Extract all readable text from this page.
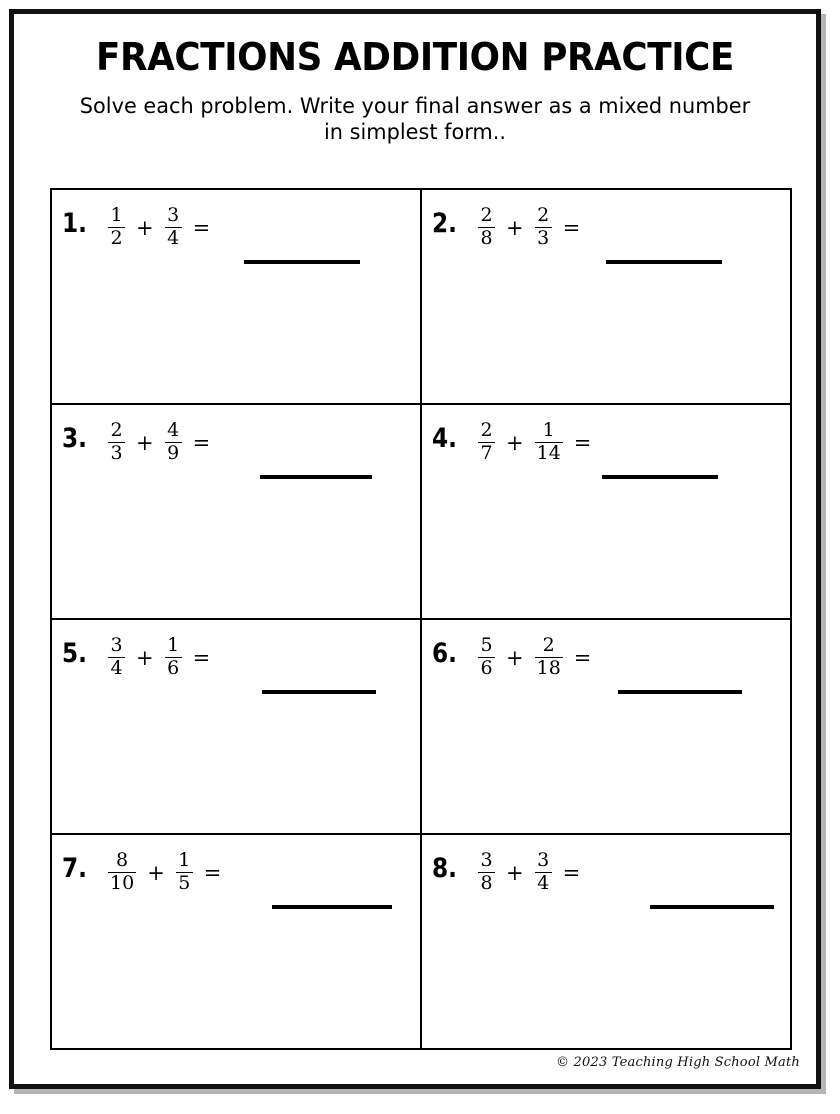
FRACTIONS ADDITION PRACTICE

Solve each problem. Write your final answer as a mixed number in simplest form..

1. $\frac{1}{2} + \frac{3}{4}$ =	2. $\frac{2}{8} + \frac{2}{3}$ =
3. $\frac{2}{3} + \frac{4}{9}$ =	4. $\frac{2}{7} + \frac{1}{14}$ =
5. $\frac{3}{4} + \frac{1}{6}$ =	6. $\frac{5}{6} + \frac{2}{18}$ =
7. $\frac{8}{10} + \frac{1}{5}$ =	8. $\frac{3}{8} + \frac{3}{4}$ =
© 2023 Teaching High School Math
